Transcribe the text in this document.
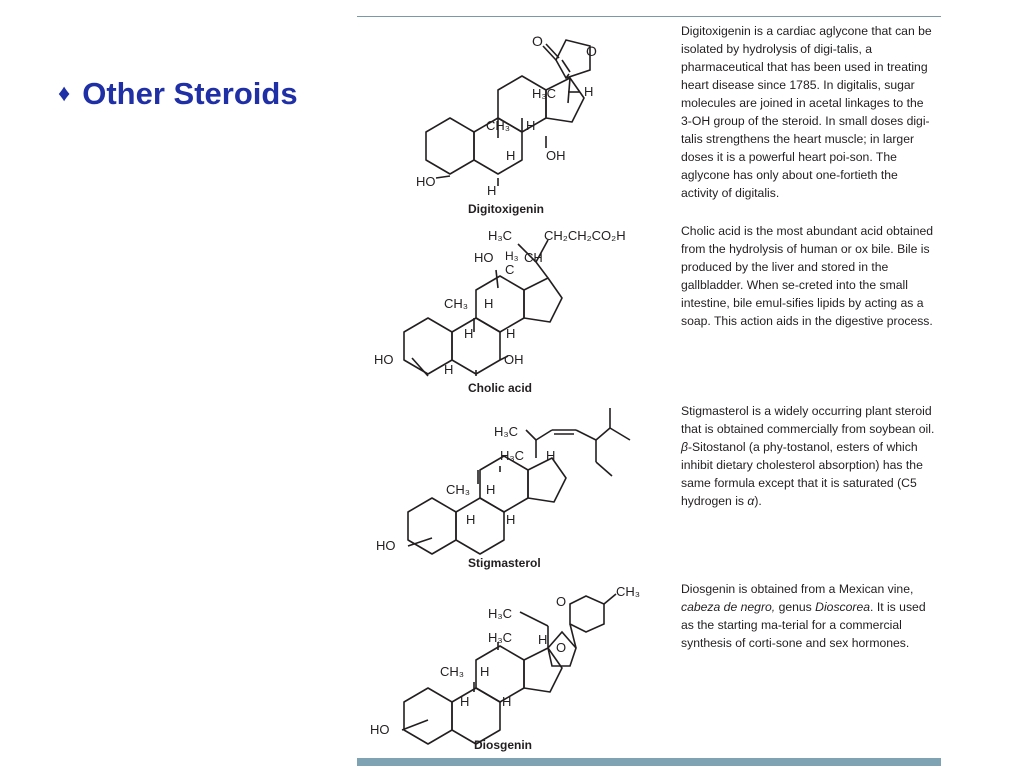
♦ Other Steroids
O
O
H₃C H
CH₃ H
H OH
HO
H
H₃C CH₂CH₂CO₂H
HO H₃ CH
C
CH₃ H
H	H
HO	OH
H
H₃C
H₃C H
CH₃ H
H H
HO
O
CH₃
H₃C
H₃C H
O
CH₃ H
H	H
HO
Digitoxigenin
Cholic acid
Stigmasterol
Diosgenin

Digitoxigenin is a cardiac aglycone that can be isolated by hydrolysis of digi-talis, a pharmaceutical that has been used in treating heart disease since 1785. In digitalis, sugar molecules are joined in acetal linkages to the 3-OH group of the steroid. In small doses digi-talis strengthens the heart muscle; in larger doses it is a powerful heart poi-son. The aglycone has only about one-fortieth the activity of digitalis.

Cholic acid is the most abundant acid obtained from the hydrolysis of human or ox bile. Bile is produced by the liver and stored in the gallbladder. When se-creted into the small intestine, bile emul-sifies lipids by acting as a soap. This action aids in the digestive process.

Stigmasterol is a widely occurring plant steroid that is obtained commercially from soybean oil. β-Sitostanol (a phy-tostanol, esters of which inhibit dietary cholesterol absorption) has the same formula except that it is saturated (C5 hydrogen is α).

Diosgenin is obtained from a Mexican vine, cabeza de negro, genus Dioscorea. It is used as the starting ma-terial for a commercial synthesis of corti-sone and sex hormones.
